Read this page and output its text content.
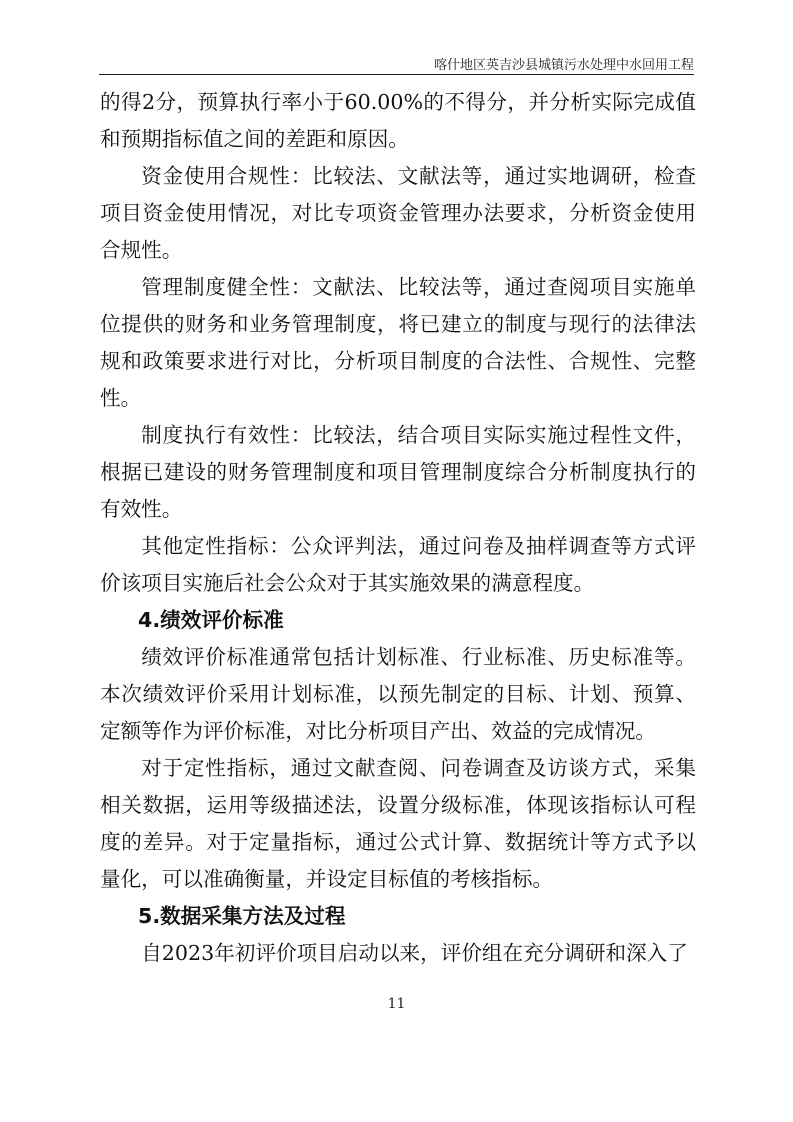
喀什地区英吉沙县城镇污水处理中水回用工程

的得2分，预算执行率小于60.00%的不得分，并分析实际完成值和预期指标值之间的差距和原因。

资金使用合规性：比较法、文献法等，通过实地调研，检查项目资金使用情况，对比专项资金管理办法要求，分析资金使用合规性。

管理制度健全性：文献法、比较法等，通过查阅项目实施单位提供的财务和业务管理制度，将已建立的制度与现行的法律法规和政策要求进行对比，分析项目制度的合法性、合规性、完整性。

制度执行有效性：比较法，结合项目实际实施过程性文件，根据已建设的财务管理制度和项目管理制度综合分析制度执行的有效性。

其他定性指标：公众评判法，通过问卷及抽样调查等方式评价该项目实施后社会公众对于其实施效果的满意程度。

4.绩效评价标准

绩效评价标准通常包括计划标准、行业标准、历史标准等。本次绩效评价采用计划标准，以预先制定的目标、计划、预算、定额等作为评价标准，对比分析项目产出、效益的完成情况。

对于定性指标，通过文献查阅、问卷调查及访谈方式，采集相关数据，运用等级描述法，设置分级标准，体现该指标认可程度的差异。对于定量指标，通过公式计算、数据统计等方式予以量化，可以准确衡量，并设定目标值的考核指标。

5.数据采集方法及过程

自2023年初评价项目启动以来，评价组在充分调研和深入了

11
